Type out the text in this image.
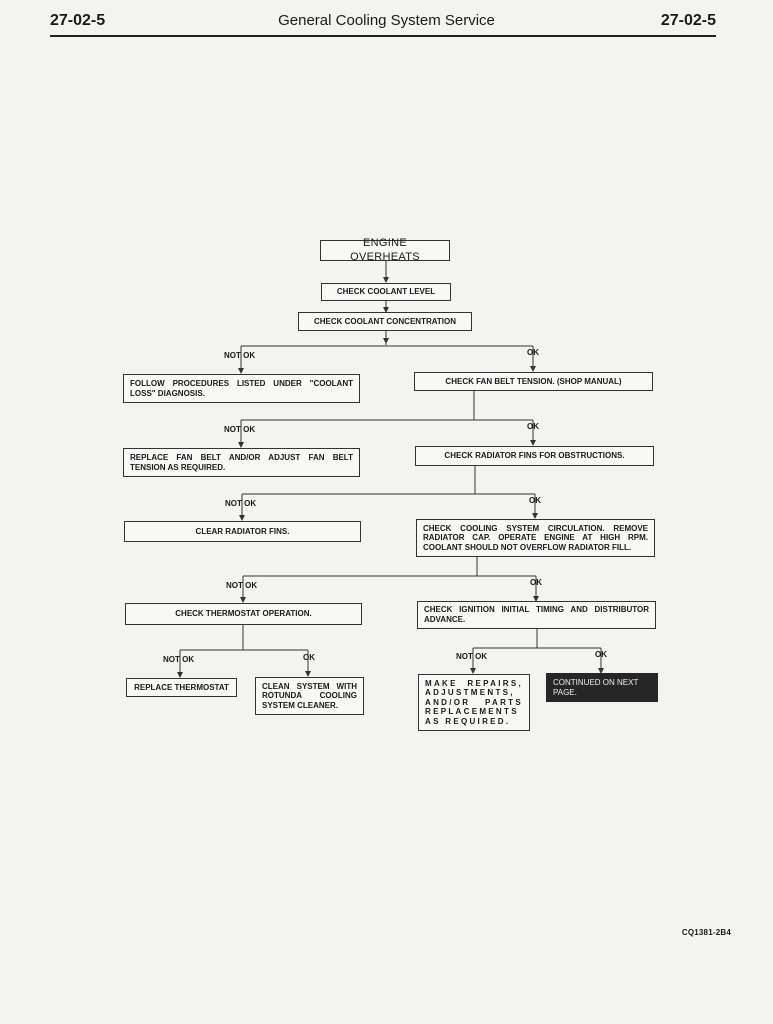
27-02-5	General Cooling System Service	27-02-5
ENGINE OVERHEATS
CHECK COOLANT LEVEL
CHECK COOLANT CONCENTRATION
NOT OK	OK
FOLLOW PROCEDURES LISTED UNDER "COOLANT LOSS" DIAGNOSIS.
CHECK FAN BELT TENSION. (SHOP MANUAL)
NOT OK	OK
REPLACE FAN BELT AND/OR ADJUST FAN BELT TENSION AS REQUIRED.
CHECK RADIATOR FINS FOR OBSTRUCTIONS.
NOT OK	OK
CLEAR RADIATOR FINS.	CHECK COOLING SYSTEM CIRCULATION. REMOVE RADIATOR CAP. OPERATE ENGINE AT HIGH RPM. COOLANT SHOULD NOT OVERFLOW RADIATOR FILL.
NOT OK	OK
CHECK THERMOSTAT OPERATION.	CHECK IGNITION INITIAL TIMING AND DISTRIBUTOR ADVANCE.
NOT OK	OK	NOT OK	OK
REPLACE THERMOSTAT	CLEAN SYSTEM WITH ROTUNDA COOLING SYSTEM CLEANER.
MAKE REPAIRS, ADJUSTMENTS, AND/OR PARTS REPLACEMENTS AS REQUIRED.
CONTINUED ON NEXT PAGE.
CQ1381-2B4
